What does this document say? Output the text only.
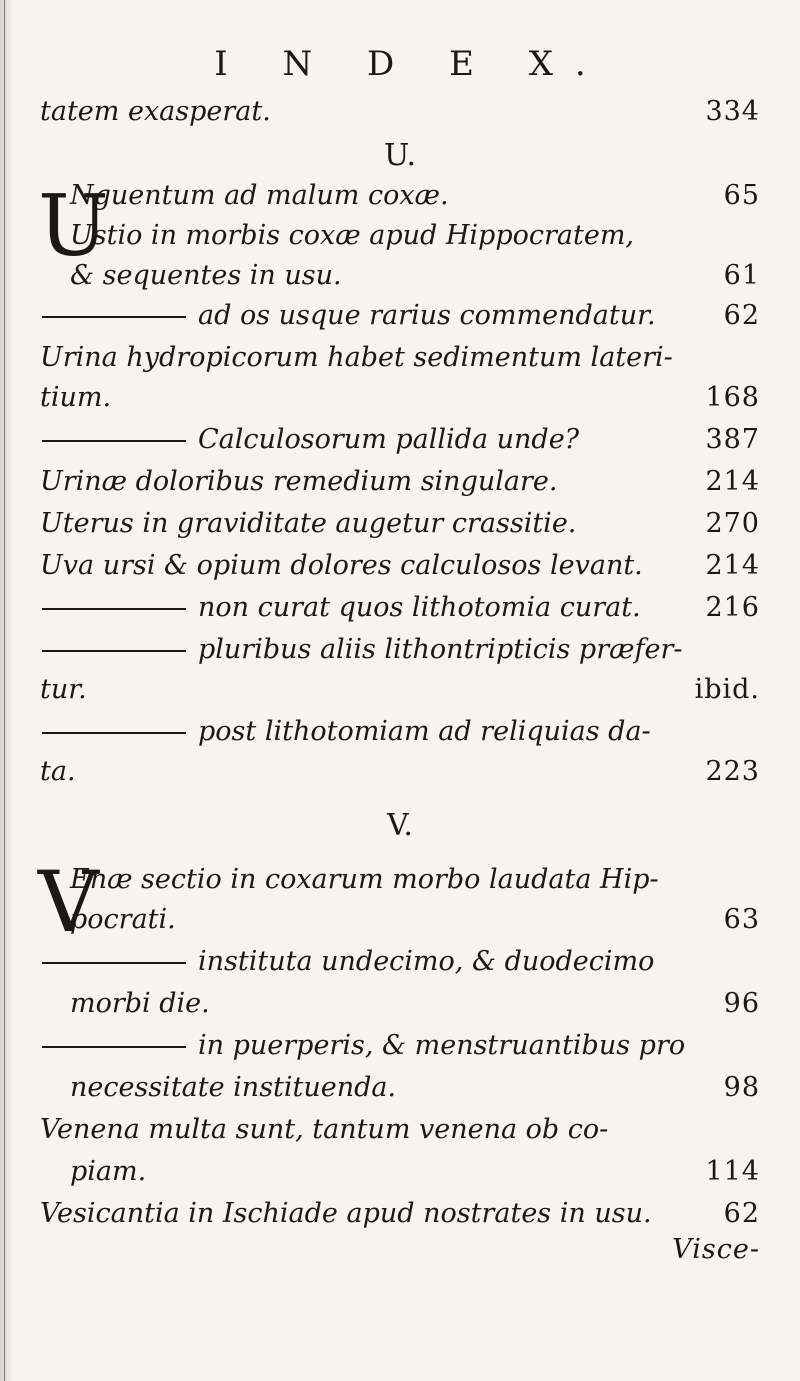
I N D E X.
tatem exasperat.	334
U.
U
Nguentum ad malum coxæ.	65
Ustio in morbis coxæ apud Hippocratem,
& sequentes in usu.	61
ad os usque rarius commendatur.	62
Urina hydropicorum habet sedimentum lateri-
tium.	168
Calculosorum pallida unde?	387
Urinæ doloribus remedium singulare.	214
Uterus in graviditate augetur crassitie.	270
Uva ursi & opium dolores calculosos levant. 214
non curat quos lithotomia curat. 216
pluribus aliis lithontripticis præfer-
tur.	ibid.
post lithotomiam ad reliquias da-
ta.	223
V.
V
Enæ sectio in coxarum morbo laudata Hip-
pocrati.	63
instituta undecimo, & duodecimo
morbi die.	96
in puerperis, & menstruantibus pro
necessitate instituenda.	98
Venena multa sunt, tantum venena ob co-
piam.	114
Vesicantia in Ischiade apud nostrates in usu.	62
Visce-
